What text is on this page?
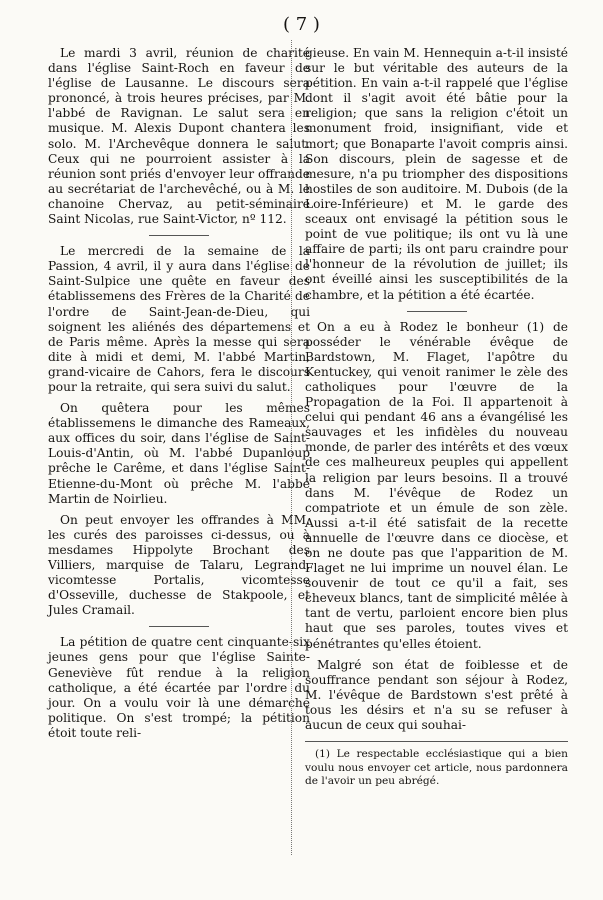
( 7 )

Le mardi 3 avril, réunion de charité dans l'église Saint-Roch en faveur de l'église de Lausanne. Le discours sera prononcé, à trois heures précises, par M. l'abbé de Ravignan. Le salut sera en musique. M. Alexis Dupont chantera les solo. M. l'Archevêque donnera le salut. Ceux qui ne pourroient assister à la réunion sont priés d'envoyer leur offrande au secrétariat de l'archevêché, ou à M. le chanoine Chervaz, au petit-séminaire Saint Nicolas, rue Saint-Victor, nº 112.

Le mercredi de la semaine de la Passion, 4 avril, il y aura dans l'église de Saint-Sulpice une quête en faveur des établissemens des Frères de la Charité de l'ordre de Saint-Jean-de-Dieu, qui soignent les aliénés des départemens et de Paris même. Après la messe qui sera dite à midi et demi, M. l'abbé Martin, grand-vicaire de Cahors, fera le discours pour la retraite, qui sera suivi du salut.

On quêtera pour les mêmes établissemens le dimanche des Rameaux, aux offices du soir, dans l'église de Saint-Louis-d'Antin, où M. l'abbé Dupanloup prêche le Carême, et dans l'église Saint-Etienne-du-Mont où prêche M. l'abbé Martin de Noirlieu.

On peut envoyer les offrandes à MM. les curés des paroisses ci-dessus, ou à mesdames Hippolyte Brochant des Villiers, marquise de Talaru, Legrand, vicomtesse Portalis, vicomtesse d'Osseville, duchesse de Stakpoole, et Jules Cramail.

La pétition de quatre cent cinquante-six jeunes gens pour que l'église Sainte-Geneviève fût rendue à la religion catholique, a été écartée par l'ordre du jour. On a voulu voir là une démarche politique. On s'est trompé; la pétition étoit toute reli-

gieuse. En vain M. Hennequin a-t-il insisté sur le but véritable des auteurs de la pétition. En vain a-t-il rappelé que l'église dont il s'agit avoit été bâtie pour la religion; que sans la religion c'étoit un monument froid, insignifiant, vide et mort; que Bonaparte l'avoit compris ainsi. Son discours, plein de sagesse et de mesure, n'a pu triompher des dispositions hostiles de son auditoire. M. Dubois (de la Loire-Inférieure) et M. le garde des sceaux ont envisagé la pétition sous le point de vue politique; ils ont vu là une affaire de parti; ils ont paru craindre pour l'honneur de la révolution de juillet; ils ont éveillé ainsi les susceptibilités de la chambre, et la pétition a été écartée.

On a eu à Rodez le bonheur (1) de posséder le vénérable évêque de Bardstown, M. Flaget, l'apôtre du Kentuckey, qui venoit ranimer le zèle des catholiques pour l'œuvre de la Propagation de la Foi. Il appartenoit à celui qui pendant 46 ans a évangélisé les sauvages et les infidèles du nouveau monde, de parler des intérêts et des vœux de ces malheureux peuples qui appellent la religion par leurs besoins. Il a trouvé dans M. l'évêque de Rodez un compatriote et un émule de son zèle. Aussi a-t-il été satisfait de la recette annuelle de l'œuvre dans ce diocèse, et on ne doute pas que l'apparition de M. Flaget ne lui imprime un nouvel élan. Le souvenir de tout ce qu'il a fait, ses cheveux blancs, tant de simplicité mêlée à tant de vertu, parloient encore bien plus haut que ses paroles, toutes vives et pénétrantes qu'elles étoient.

Malgré son état de foiblesse et de souffrance pendant son séjour à Rodez, M. l'évêque de Bardstown s'est prêté à tous les désirs et n'a su se refuser à aucun de ceux qui souhai-

(1) Le respectable ecclésiastique qui a bien voulu nous envoyer cet article, nous pardonnera de l'avoir un peu abrégé.
